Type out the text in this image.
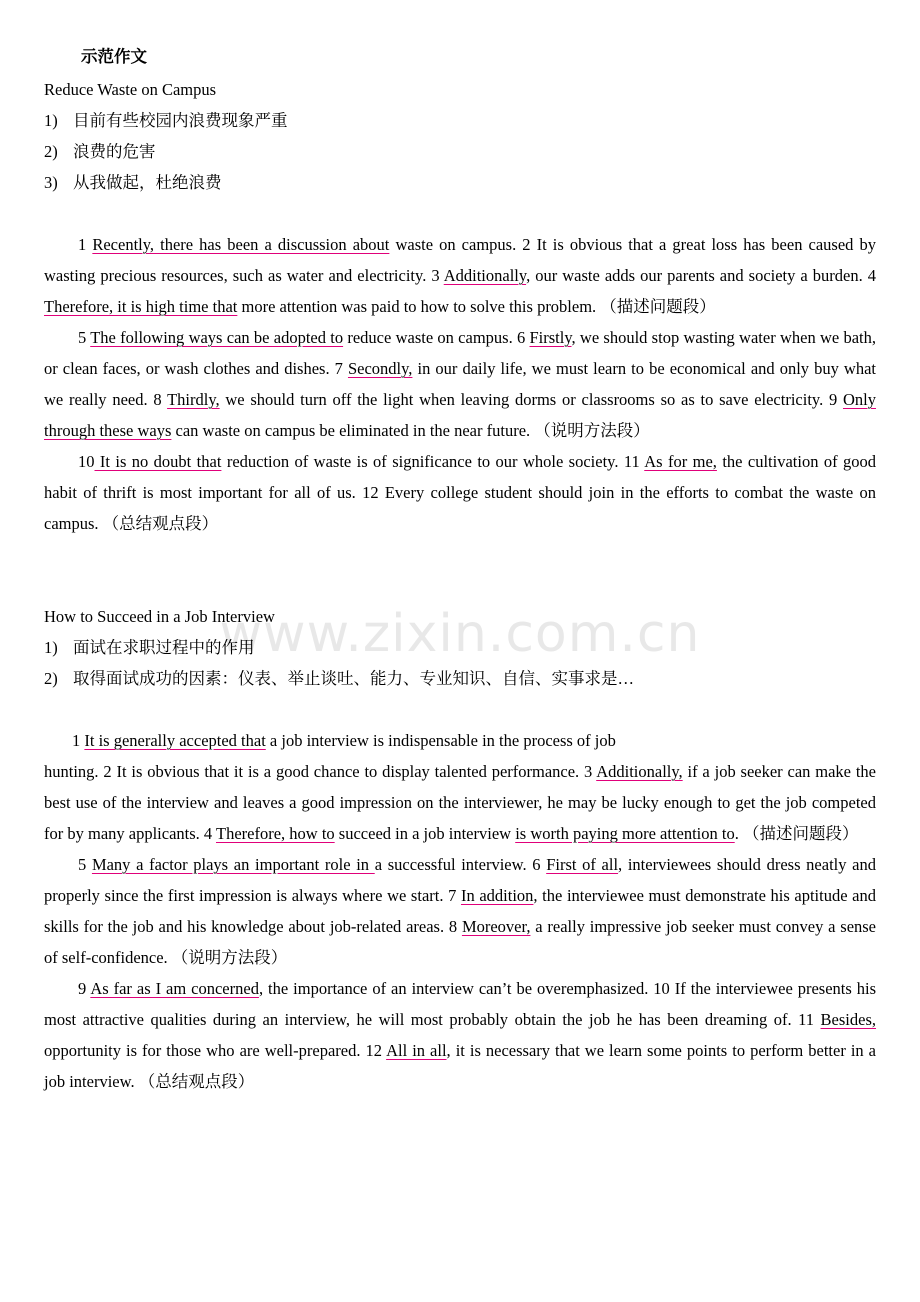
www.zixin.com.cn
示范作文
Reduce Waste on Campus
1) 目前有些校园内浪费现象严重
2) 浪费的危害
3) 从我做起，杜绝浪费

1 Recently, there has been a discussion about waste on campus. 2 It is obvious that a great loss has been caused by wasting precious resources, such as water and electricity. 3 Additionally, our waste adds our parents and society a burden. 4 Therefore, it is high time that more attention was paid to how to solve this problem. （描述问题段）

5 The following ways can be adopted to reduce waste on campus. 6 Firstly, we should stop wasting water when we bath, or clean faces, or wash clothes and dishes. 7 Secondly, in our daily life, we must learn to be economical and only buy what we really need. 8 Thirdly, we should turn off the light when leaving dorms or classrooms so as to save electricity. 9 Only through these ways can waste on campus be eliminated in the near future. （说明方法段）

10 It is no doubt that reduction of waste is of significance to our whole society. 11 As for me, the cultivation of good habit of thrift is most important for all of us. 12 Every college student should join in the efforts to combat the waste on campus. （总结观点段）

How to Succeed in a Job Interview
1) 面试在求职过程中的作用
2) 取得面试成功的因素：仪表、举止谈吐、能力、专业知识、自信、实事求是…
1 It is generally accepted that a job interview is indispensable in the process of job

hunting. 2 It is obvious that it is a good chance to display talented performance. 3 Additionally, if a job seeker can make the best use of the interview and leaves a good impression on the interviewer, he may be lucky enough to get the job competed for by many applicants. 4 Therefore, how to succeed in a job interview is worth paying more attention to. （描述问题段）

5 Many a factor plays an important role in a successful interview. 6 First of all, interviewees should dress neatly and properly since the first impression is always where we start. 7 In addition, the interviewee must demonstrate his aptitude and skills for the job and his knowledge about job-related areas. 8 Moreover, a really impressive job seeker must convey a sense of self-confidence. （说明方法段）

9 As far as I am concerned, the importance of an interview can’t be overemphasized. 10 If the interviewee presents his most attractive qualities during an interview, he will most probably obtain the job he has been dreaming of. 11 Besides, opportunity is for those who are well-prepared. 12 All in all, it is necessary that we learn some points to perform better in a job interview. （总结观点段）
